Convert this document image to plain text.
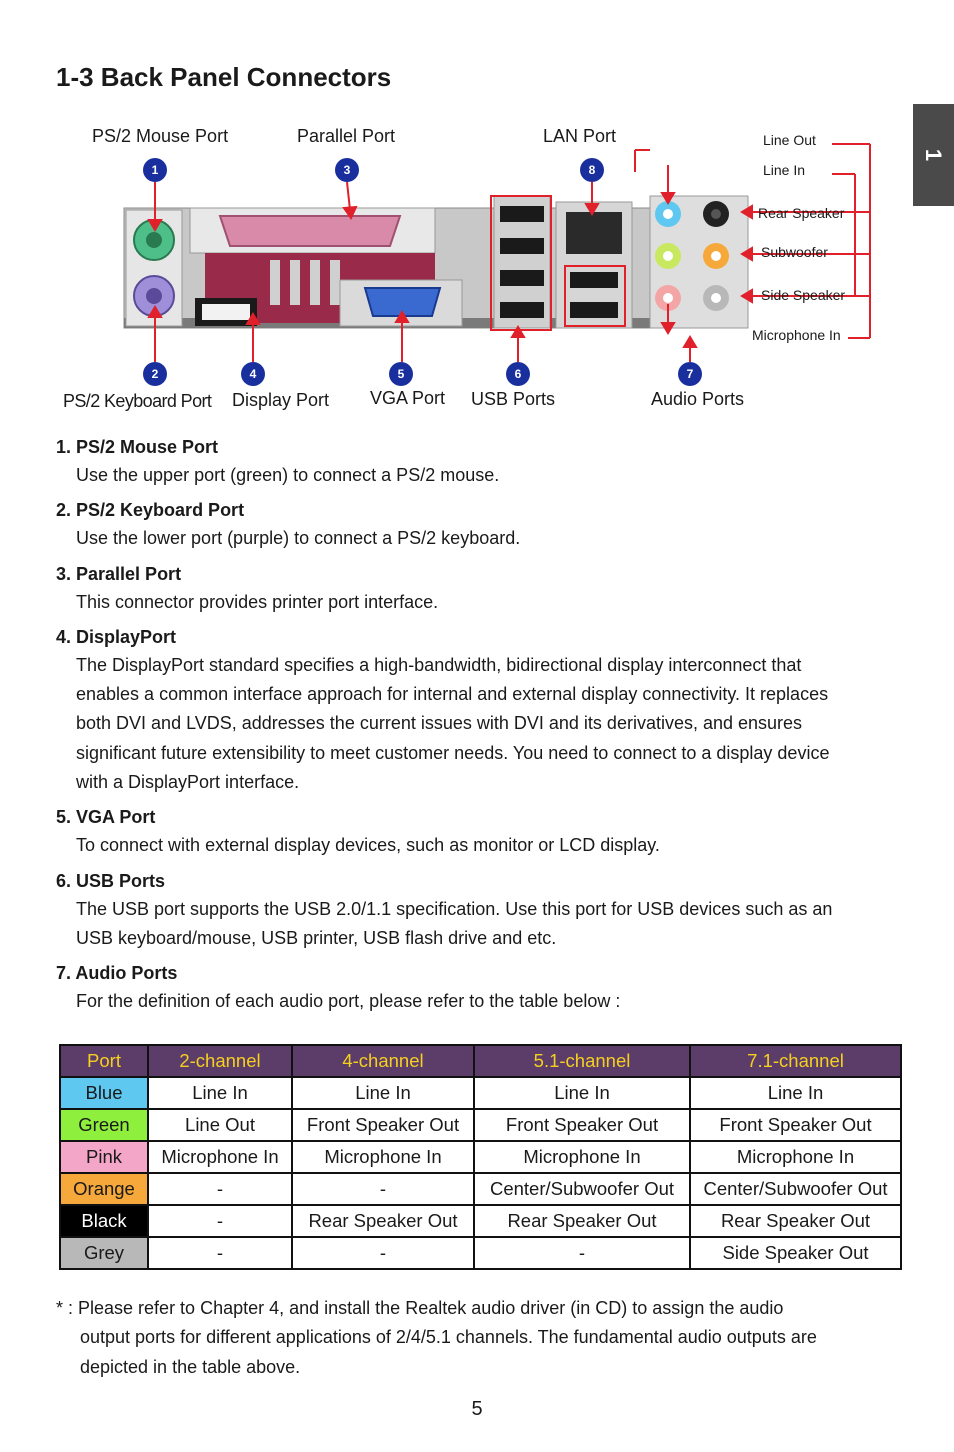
1-3 Back Panel Connectors
1
PS/2 Mouse Port	Parallel Port	LAN Port	Line Out
Line In
Rear Speaker
Subwoofer
Side Speaker
Microphone In
1	3	8
2	4	5	6	7
PS/2 Keyboard Port Display Port VGA Port USB Ports	Audio Ports

1. PS/2 Mouse Port

Use the upper port (green) to connect a PS/2 mouse.

2. PS/2 Keyboard Port

Use the lower port (purple) to connect a PS/2 keyboard.

3. Parallel Port

This connector provides printer port interface.

4. DisplayPort

The DisplayPort standard specifies a high-bandwidth, bidirectional display interconnect that

enables a common interface approach for internal and external display connectivity. It replaces

both DVI and LVDS, addresses the current issues with DVI and its derivatives, and ensures

significant future extensibility to meet customer needs. You need to connect to a display device

with a DisplayPort interface.

5. VGA Port

To connect with external display devices, such as monitor or LCD display.

6. USB Ports

The USB port supports the USB 2.0/1.1 specification. Use this port for USB devices such as an

USB keyboard/mouse, USB printer, USB flash drive and etc.

7. Audio Ports

For the definition of each audio port, please refer to the table below :

Port	2-channel	4-channel	5.1-channel	7.1-channel
Blue	Line In	Line In	Line In	Line In
Green	Line Out	Front Speaker Out	Front Speaker Out	Front Speaker Out
Pink	Microphone In	Microphone In	Microphone In	Microphone In
Orange	-	-	Center/Subwoofer Out	Center/Subwoofer Out
Black	-	Rear Speaker Out	Rear Speaker Out	Rear Speaker Out
Grey	-	-	-	Side Speaker Out

* : Please refer to Chapter 4, and install the Realtek audio driver (in CD) to assign the audio
output ports for different applications of 2/4/5.1 channels. The fundamental audio outputs are
depicted in the table above.

5
